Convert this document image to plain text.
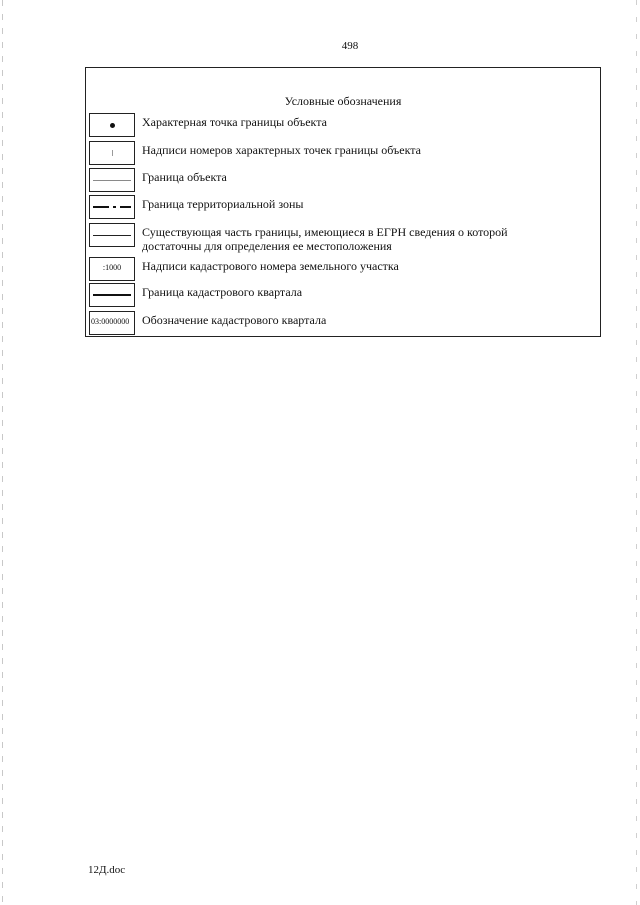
498
Условные обозначения
Характерная точка границы объекта
Надписи номеров характерных точек границы объекта
Граница объекта
Граница территориальной зоны
Существующая часть границы, имеющиеся в ЕГРН сведения о которой
достаточны для определения ее местоположения
:1000	Надписи кадастрового номера земельного участка
Граница кадастрового квартала
03:0000000	Обозначение кадастрового квартала
12Д.doc
